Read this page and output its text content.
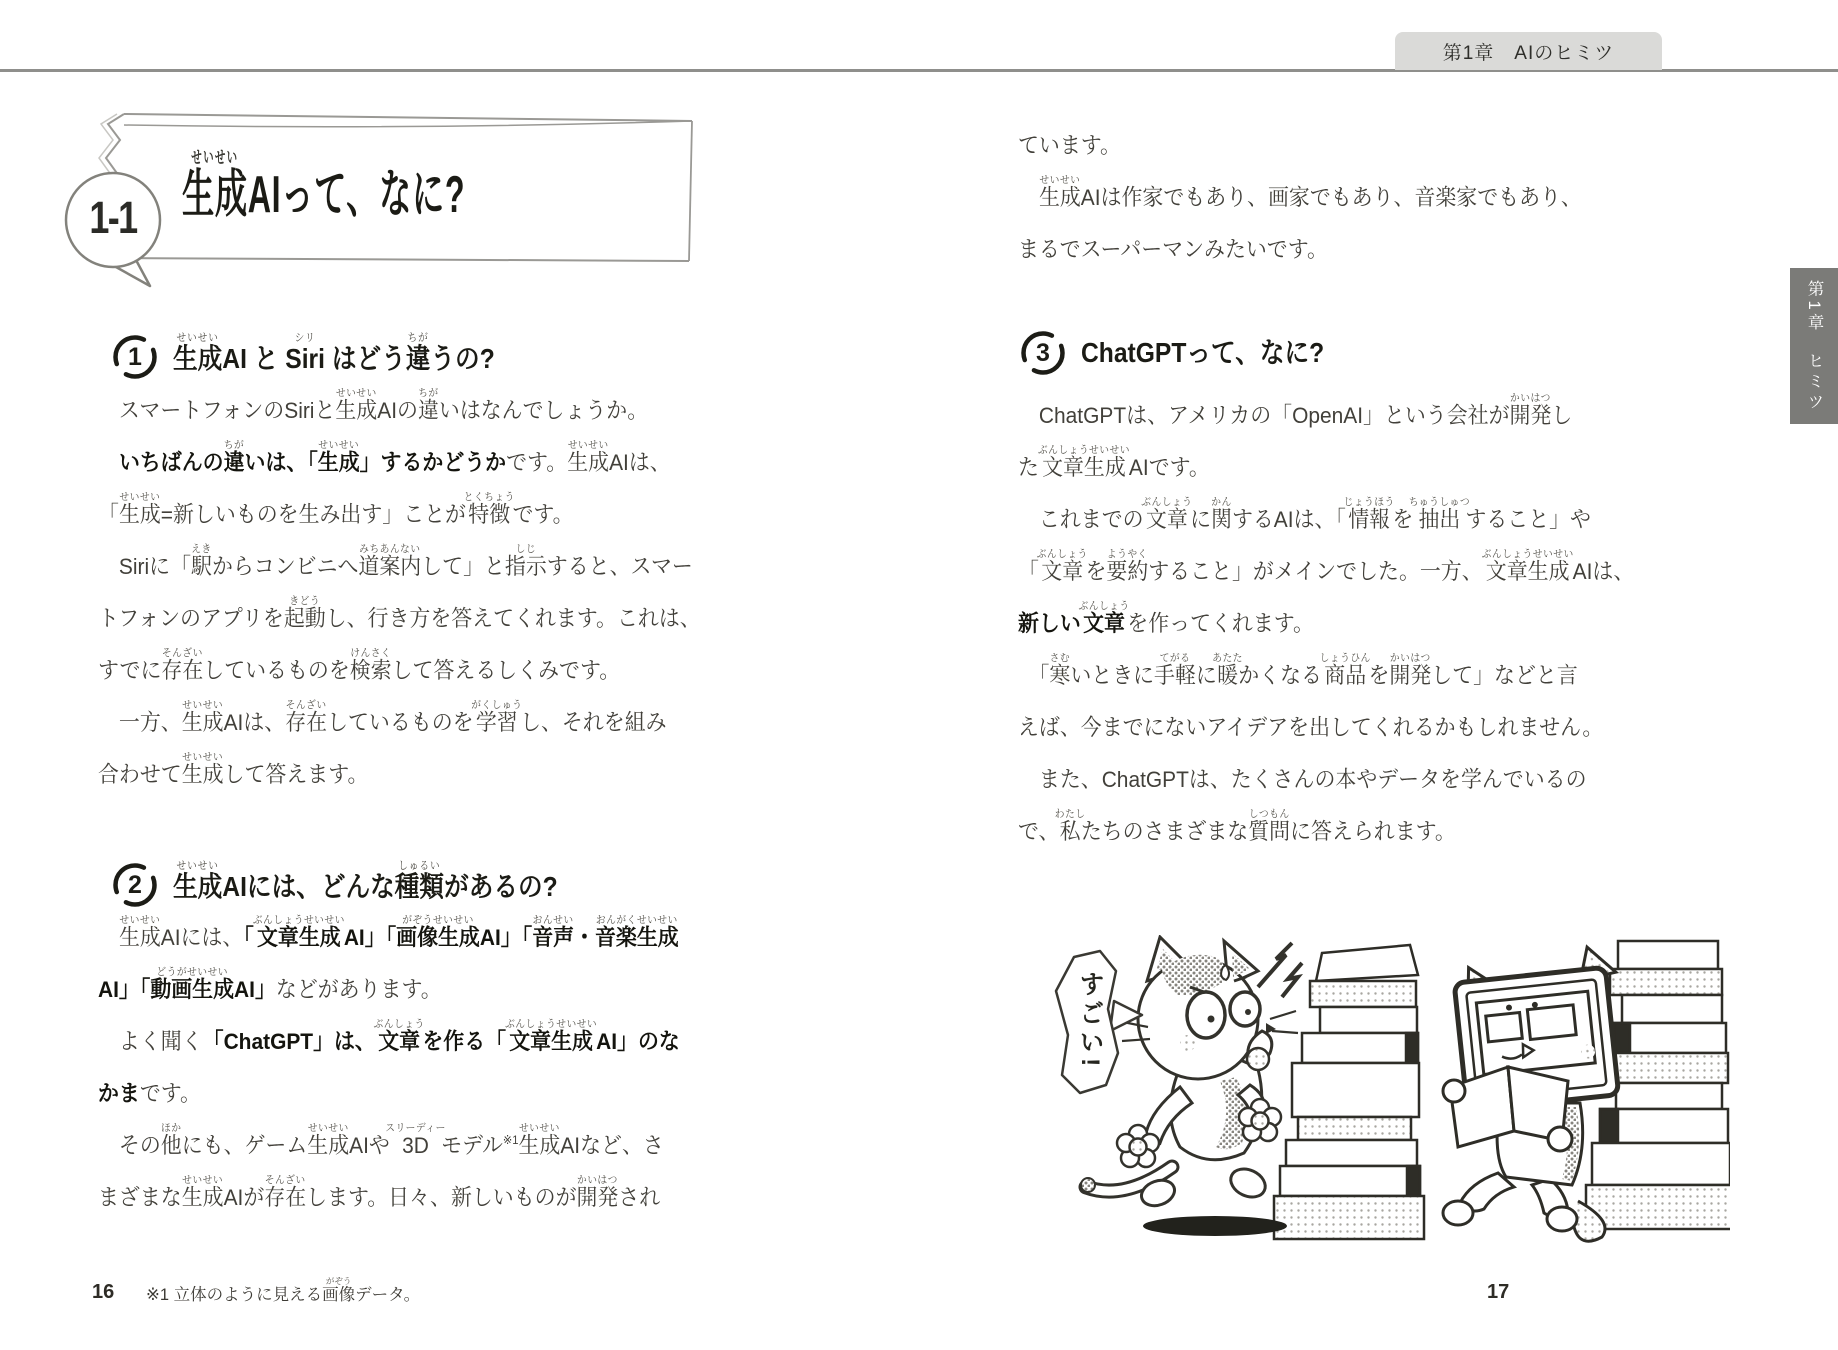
第1章　AIのヒミツ
第1章
ヒミツ
1-1 生成せいせいAIって、なに?
1	生成せいせいAI と Siriシリ はどう違ちがうの?
　スマートフォンのSiriと生成せいせいAIの違ちがいはなんでしょうか。
　いちばんの違ちがいは、「生成せいせい」するかどうかです。生成せいせいAIは、
「生成せいせい=新しいものを生み出す」ことが特徴とくちょうです。
　Siriに「駅えきからコンビニへ道案内みちあんないして」と指示しじすると、スマー
トフォンのアプリを起動きどうし、行き方を答えてくれます。これは、
すでに存在そんざいしているものを検索けんさくして答えるしくみです。
　一方、生成せいせいAIは、存在そんざいしているものを学習がくしゅうし、それを組み
合わせて生成せいせいして答えます。
2	生成せいせいAIには、どんな種類しゅるいがあるの?
　生成せいせいAIには、「文章生成ぶんしょうせいせいAI」「画像生成がぞうせいせいAI」「音声おんせい・音楽生成おんがくせいせい
AI」「動画生成どうがせいせいAI」などがあります。
　よく聞く「ChatGPT」は、文章ぶんしょうを作る「文章生成ぶんしょうせいせいAI」のな
かまです。
　その他ほかにも、ゲーム生成せいせいAIや3Dスリーディーモデル$^{※1}$生成せいせいAIなど、さ
まざまな生成せいせいAIが存在そんざいします。日々、新しいものが開発かいはつされ
ています。
　生成せいせいAIは作家でもあり、画家でもあり、音楽家でもあり、
まるでスーパーマンみたいです。
3	ChatGPTって、なに?
　ChatGPTは、アメリカの「OpenAI」という会社が開発かいはつし
た文章生成ぶんしょうせいせいAIです。
　これまでの文章ぶんしょうに関かんするAIは、「情報じょうほうを抽出ちゅうしゅつすること」や
「文章ぶんしょうを要約ようやくすること」がメインでした。一方、文章生成ぶんしょうせいせいAIは、
新しい文章ぶんしょうを作ってくれます。
　「寒さむいときに手軽てがるに暖あたたかくなる商品しょうひんを開発かいはつして」などと言
えば、今までにないアイデアを出してくれるかもしれません。
　また、ChatGPTは、たくさんの本やデータを学んでいるの
で、私わたしたちのさまざまな質問しつもんに答えられます。
すごい!
16 ※1 立体のように見える画像がぞうデータ。	17
